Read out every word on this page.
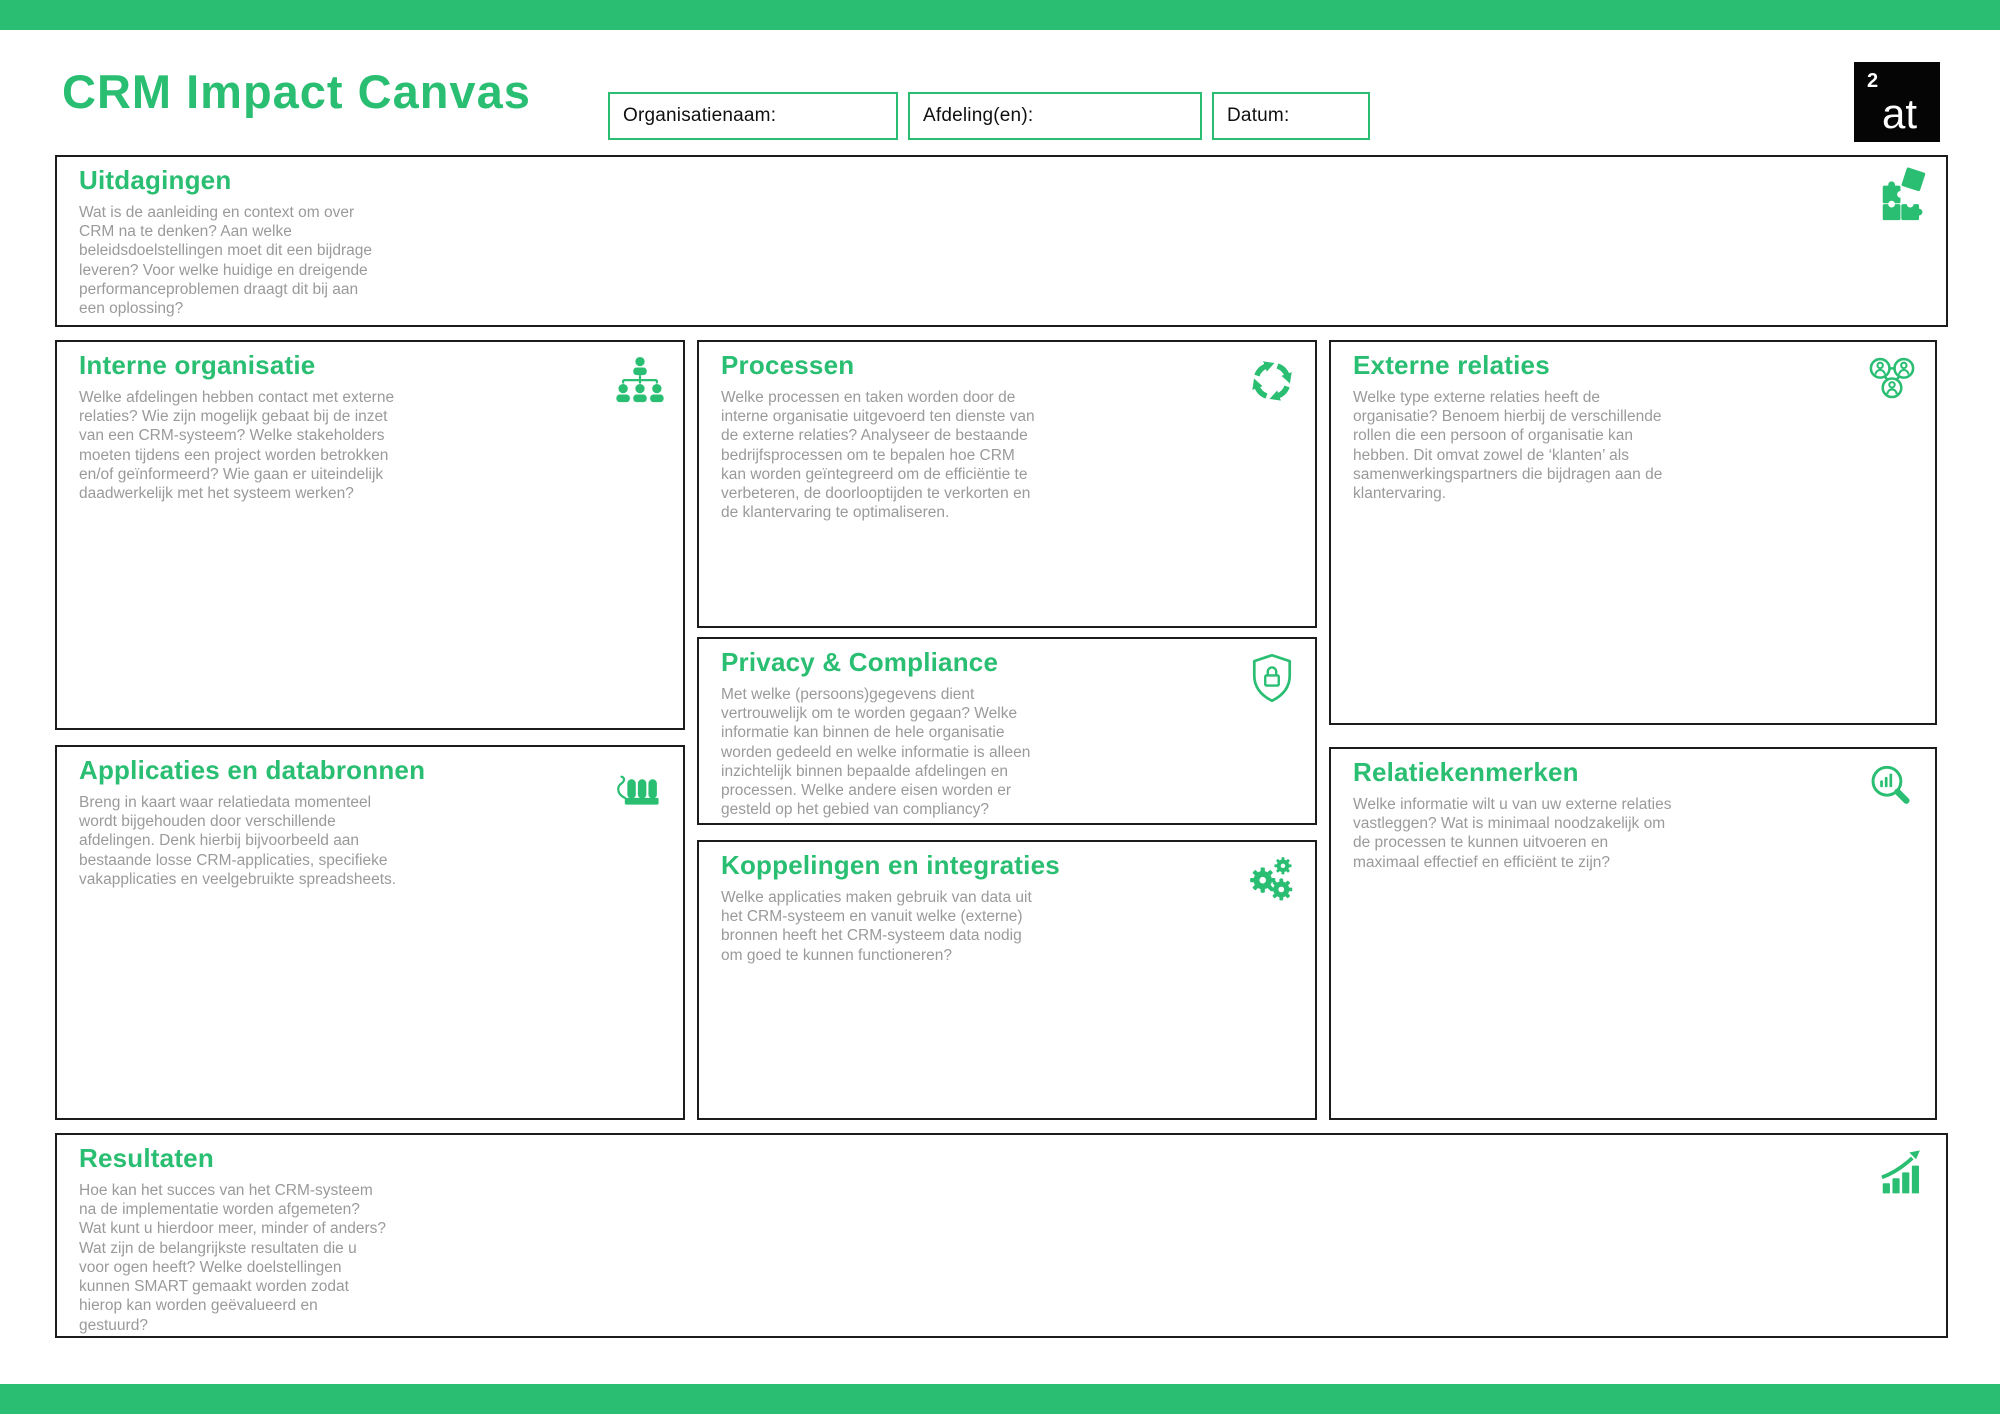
CRM Impact Canvas	Organisatienaam:	Afdeling(en):	Datum:
2
at
Uitdagingen

Wat is de aanleiding en context om over CRM na te denken? Aan welke beleidsdoelstellingen moet dit een bijdrage leveren? Voor welke huidige en dreigende performanceproblemen draagt dit bij aan een oplossing?

Interne organisatie

Welke afdelingen hebben contact met externe relaties? Wie zijn mogelijk gebaat bij de inzet van een CRM-systeem? Welke stakeholders moeten tijdens een project worden betrokken en/of geïnformeerd? Wie gaan er uiteindelijk daadwerkelijk met het systeem werken?

Processen

Welke processen en taken worden door de interne organisatie uitgevoerd ten dienste van de externe relaties? Analyseer de bestaande bedrijfsprocessen om te bepalen hoe CRM kan worden geïntegreerd om de efficiëntie te verbeteren, de doorlooptijden te verkorten en de klantervaring te optimaliseren.

Externe relaties

Welke type externe relaties heeft de organisatie? Benoem hierbij de verschillende rollen die een persoon of organisatie kan hebben. Dit omvat zowel de ‘klanten’ als samenwerkingspartners die bijdragen aan de klantervaring.

Privacy & Compliance

Met welke (persoons)gegevens dient vertrouwelijk om te worden gegaan? Welke informatie kan binnen de hele organisatie worden gedeeld en welke informatie is alleen inzichtelijk binnen bepaalde afdelingen en processen. Welke andere eisen worden er gesteld op het gebied van compliancy?

Applicaties en databronnen

Breng in kaart waar relatiedata momenteel wordt bijgehouden door verschillende afdelingen. Denk hierbij bijvoorbeeld aan bestaande losse CRM-applicaties, specifieke vakapplicaties en veelgebruikte spreadsheets.	Koppelingen en integraties

Welke applicaties maken gebruik van data uit het CRM-systeem en vanuit welke (externe) bronnen heeft het CRM-systeem data nodig om goed te kunnen functioneren?

Relatiekenmerken

Welke informatie wilt u van uw externe relaties vastleggen? Wat is minimaal noodzakelijk om de processen te kunnen uitvoeren en maximaal effectief en efficiënt te zijn?

Resultaten

Hoe kan het succes van het CRM-systeem na de implementatie worden afgemeten? Wat kunt u hierdoor meer, minder of anders? Wat zijn de belangrijkste resultaten die u voor ogen heeft? Welke doelstellingen kunnen SMART gemaakt worden zodat hierop kan worden geëvalueerd en gestuurd?
